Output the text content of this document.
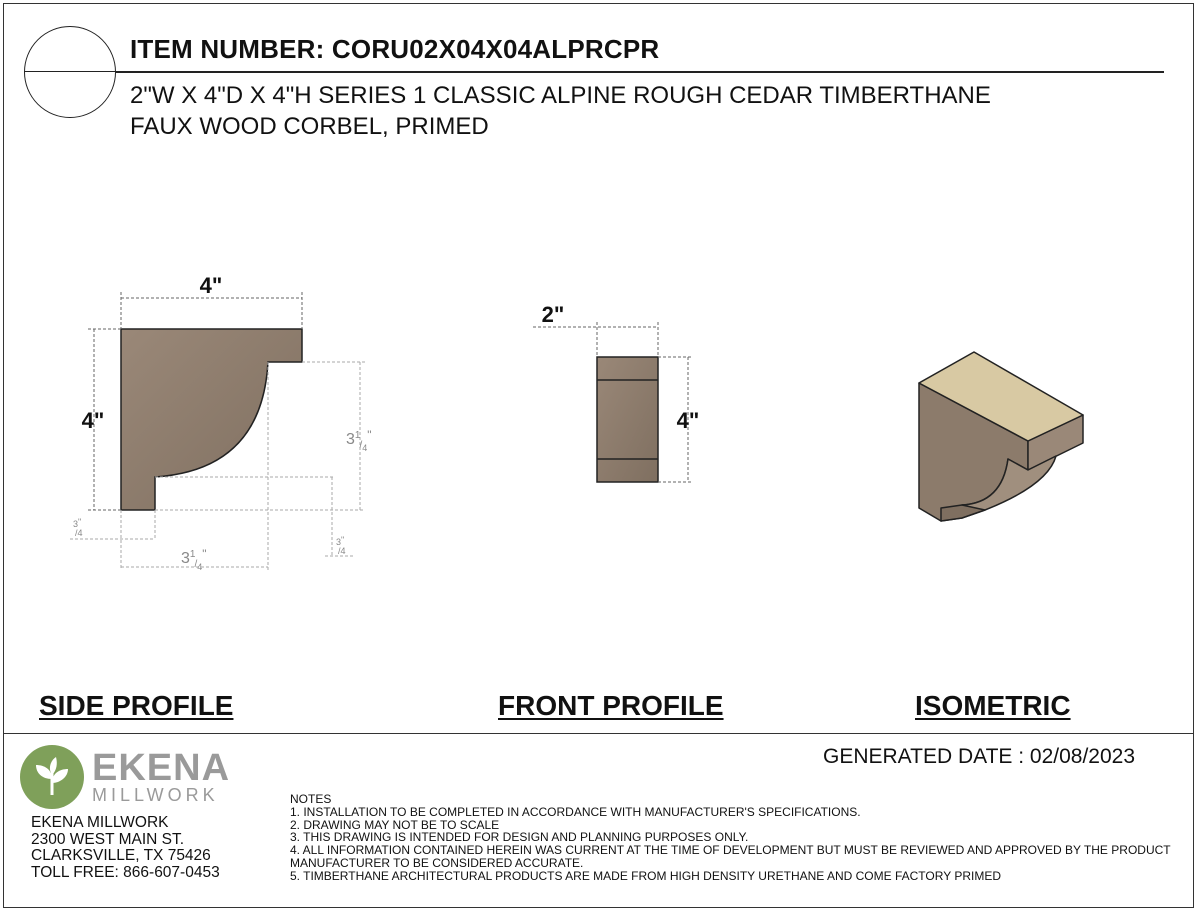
ITEM NUMBER: CORU02X04X04ALPRCPR
2"W X 4"D X 4"H SERIES 1 CLASSIC ALPINE ROUGH CEDAR TIMBERTHANE
FAUX WOOD CORBEL, PRIMED
4"
4"
$3^1/4^"$
$3^1/4^"$
3" /4
3" /4
2"
4"
SIDE PROFILE	FRONT PROFILE	ISOMETRIC
EKENA
MILLWORK
EKENA MILLWORK
2300 WEST MAIN ST.
CLARKSVILLE, TX 75426
TOLL FREE: 866-607-0453
GENERATED DATE : 02/08/2023
NOTES
1. INSTALLATION TO BE COMPLETED IN ACCORDANCE WITH MANUFACTURER'S SPECIFICATIONS.
2. DRAWING MAY NOT BE TO SCALE
3. THIS DRAWING IS INTENDED FOR DESIGN AND PLANNING PURPOSES ONLY.
4. ALL INFORMATION CONTAINED HEREIN WAS CURRENT AT THE TIME OF DEVELOPMENT BUT MUST BE REVIEWED AND APPROVED BY THE PRODUCT MANUFACTURER TO BE CONSIDERED ACCURATE.
5. TIMBERTHANE ARCHITECTURAL PRODUCTS ARE MADE FROM HIGH DENSITY URETHANE AND COME FACTORY PRIMED
